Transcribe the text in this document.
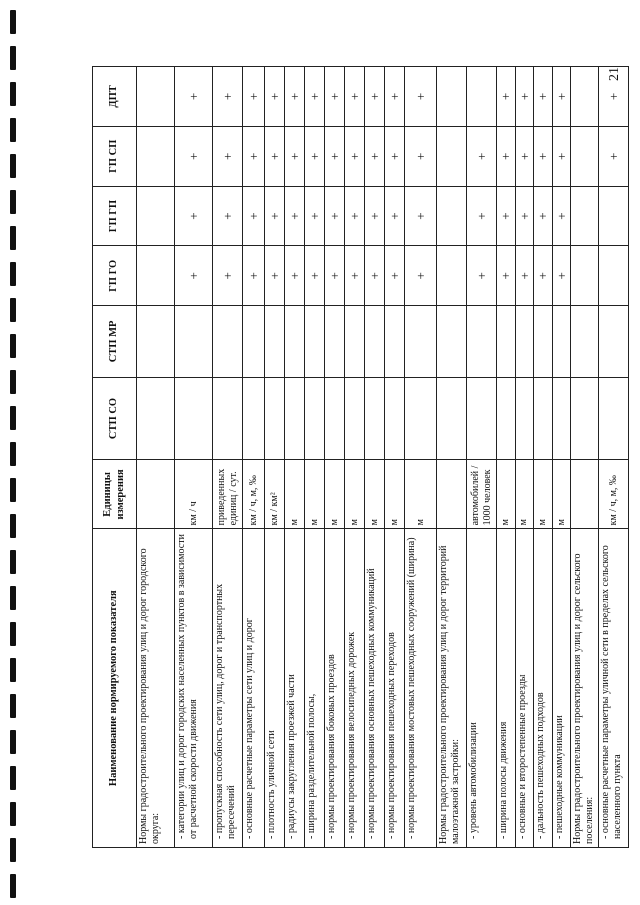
21
Наименование нормируемого показателя	Единицы измерения	СТП СО	СТП МР	ГП ГО	ГП ГП	ГП СП	ДПТ
Нормы градостроительного проектирования улиц и дорог городского округа:							
- категории улиц и дорог городских населенных пунктов в зависимости от расчетной скорости движения	км / ч			+	+	+	+
- пропускная способность сети улиц, дорог и транспортных пересечений	приведенных единиц / сут.			+	+	+	+
- основные расчетные параметры сети улиц и дорог	км / ч, м, ‰			+	+	+	+
- плотность уличной сети	км / км²			+	+	+	+
- радиусы закругления проезжей части	м			+	+	+	+
- ширина разделительной полосы,	м			+	+	+	+
- нормы проектирования боковых проездов	м			+	+	+	+
- нормы проектирования велосипедных дорожек	м			+	+	+	+
- нормы проектирования основных пешеходных коммуникаций	м			+	+	+	+
- нормы проектирования пешеходных переходов	м			+	+	+	+
- нормы проектирования мостовых пешеходных сооружений (ширина)	м			+	+	+	+
Нормы градостроительного проектирования улиц и дорог территорий малоэтажной застройки:							
- уровень автомобилизации	автомобилей / 1000 человек			+	+	+	
- ширина полосы движения	м			+	+	+	+
- основные и второстепенные проезды	м			+	+	+	+
- дальность пешеходных подходов	м			+	+	+	+
- пешеходные коммуникации	м			+	+	+	+
Нормы градостроительного проектирования улиц и дорог сельского поселения:							
- основные расчетные параметры уличной сети в пределах сельского населенного пункта	км / ч, м, ‰					+	+
